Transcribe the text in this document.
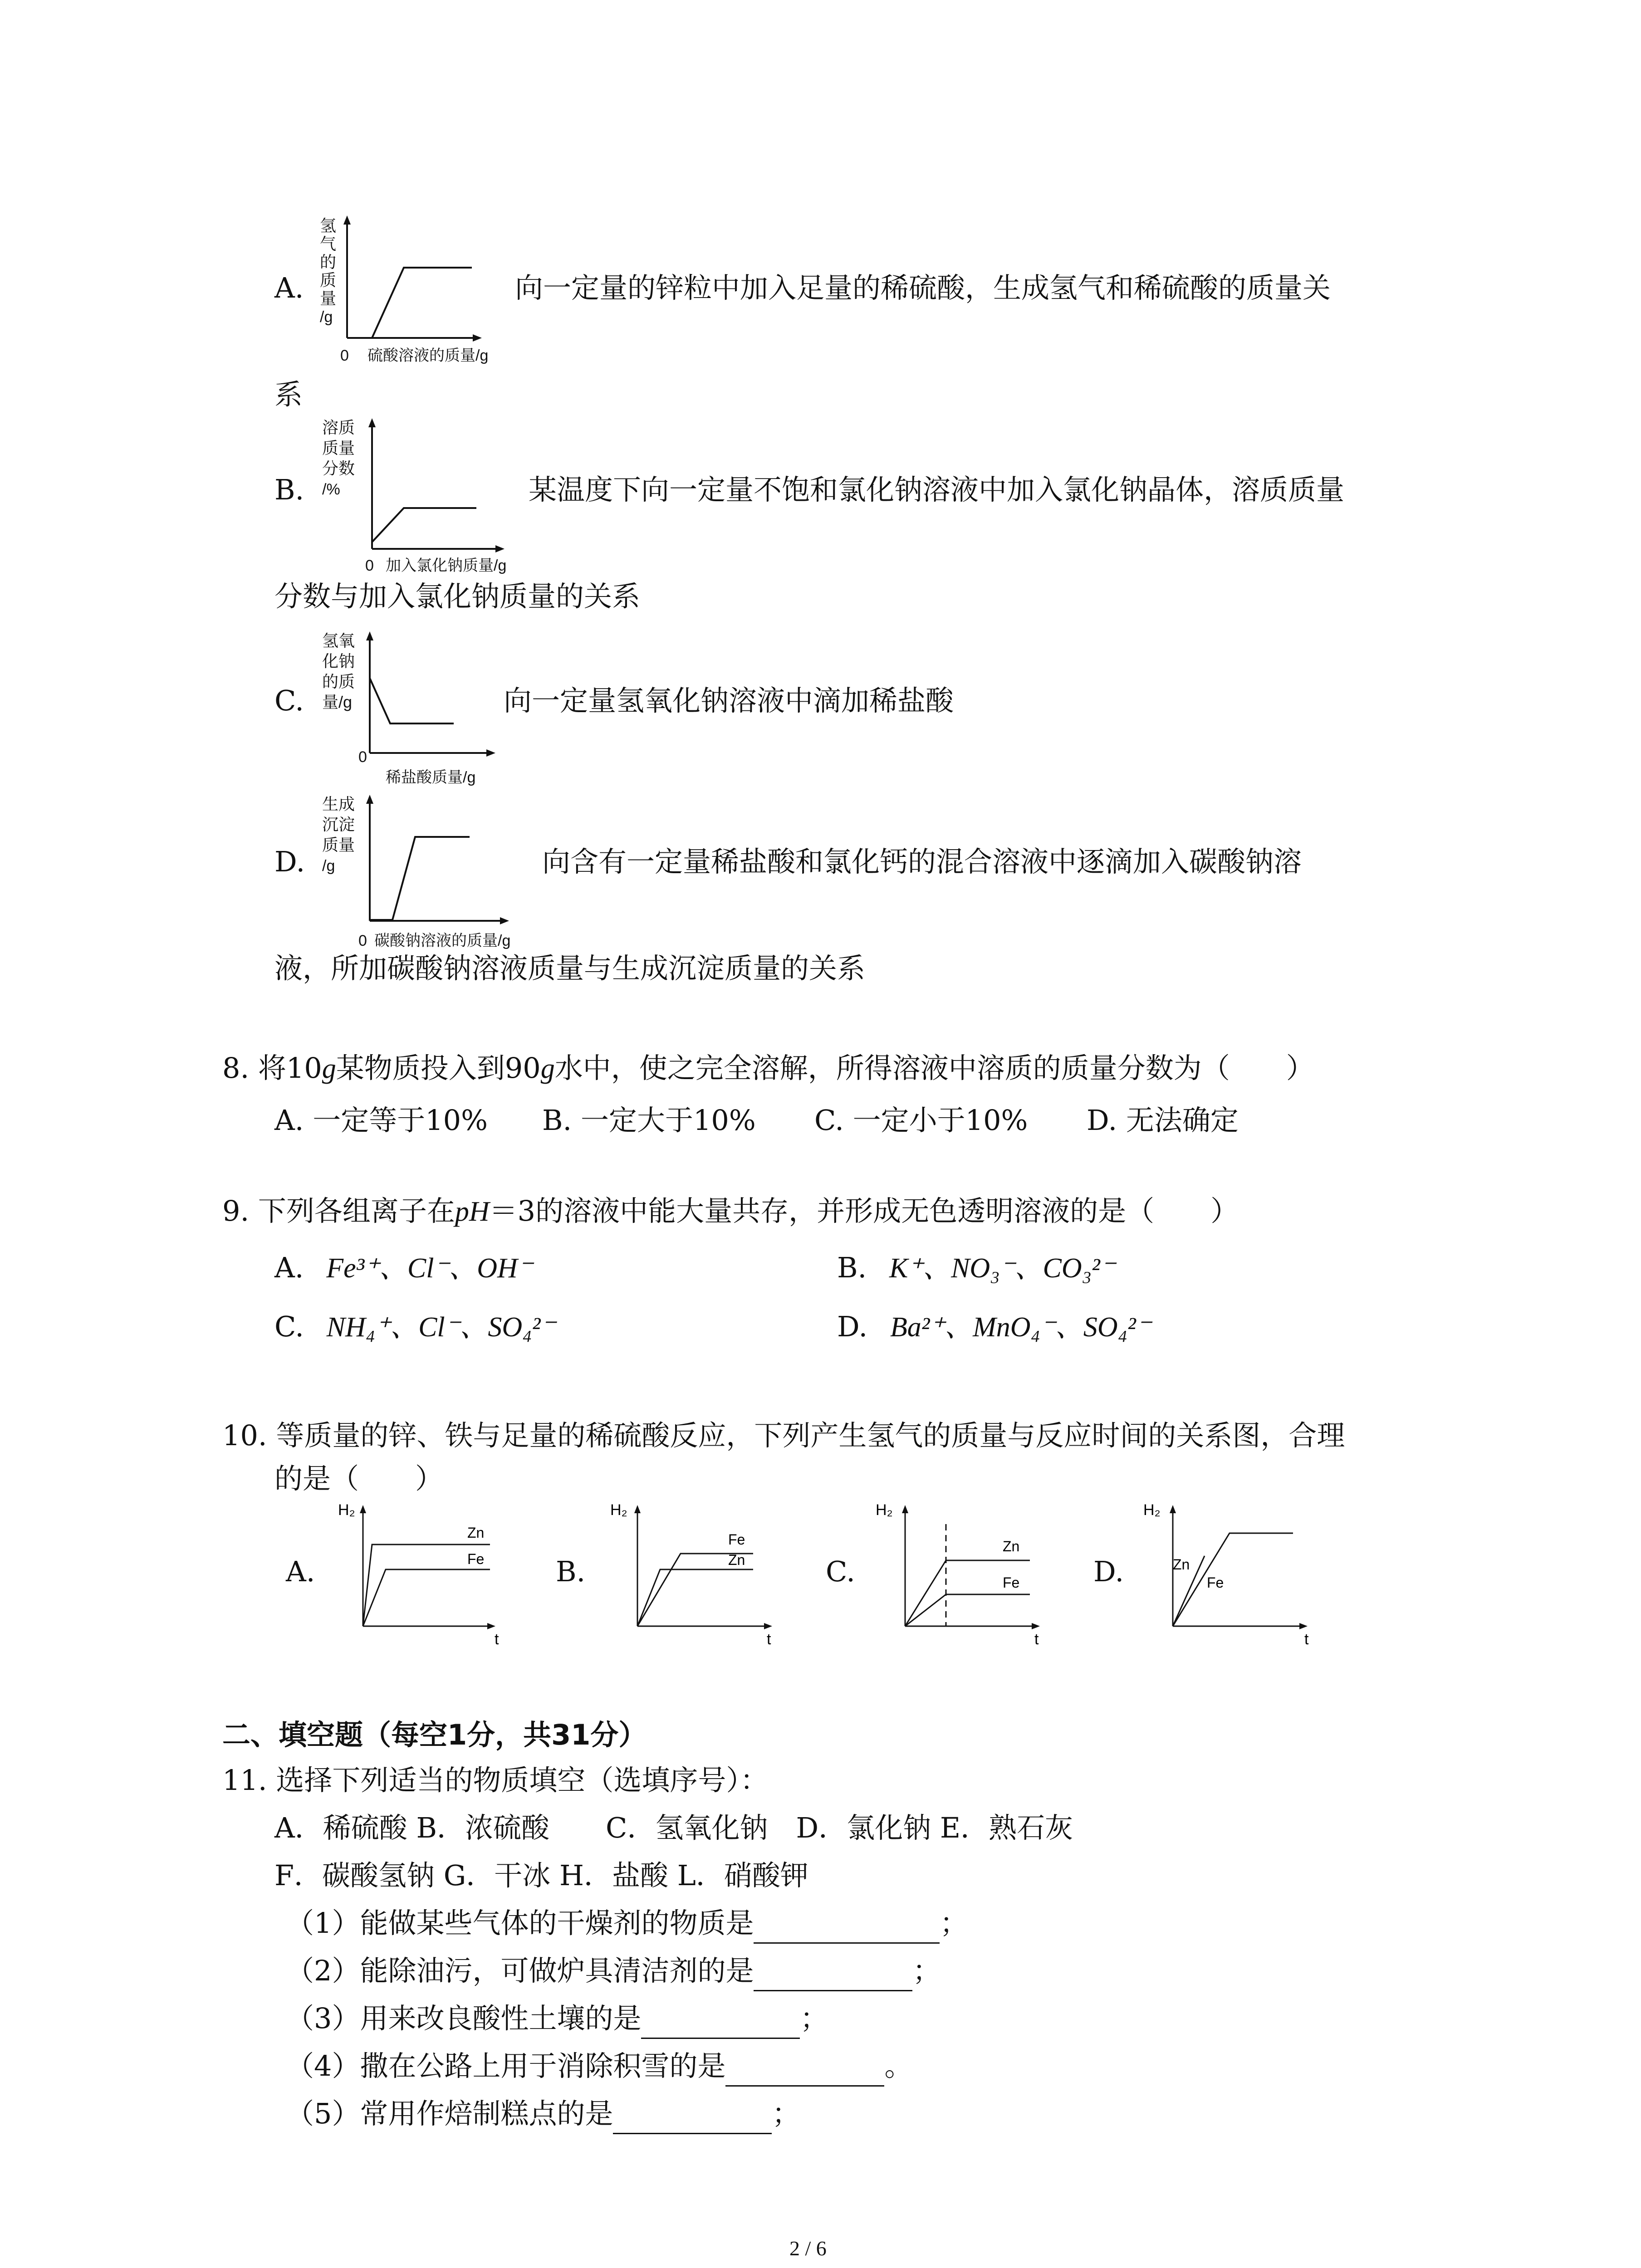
氢
气
的
质
量
/g
0 硫酸溶液的质量/g
A.	向一定量的锌粒中加入足量的稀硫酸，生成氢气和稀硫酸的质量关
系
溶质
质量
分数
/%
0 加入氯化钠质量/g
B.	某温度下向一定量不饱和氯化钠溶液中加入氯化钠晶体，溶质质量
分数与加入氯化钠质量的关系
氢氧
化钠
的质
量/g
0
稀盐酸质量/g
C.	向一定量氢氧化钠溶液中滴加稀盐酸
生成
沉淀
质量
/g
0 碳酸钠溶液的质量/g
D.	向含有一定量稀盐酸和氯化钙的混合溶液中逐滴加入碳酸钠溶
液，所加碳酸钠溶液质量与生成沉淀质量的关系
8. 将10g某物质投入到90g水中，使之完全溶解，所得溶液中溶质的质量分数为（　　）
A. 一定等于10% B. 一定大于10% C. 一定小于10% D. 无法确定
9. 下列各组离子在pH＝3的溶液中能大量共存，并形成无色透明溶液的是（　　）
A. Fe³⁺、Cl⁻、OH⁻	B. K⁺、NO₃⁻、CO₃²⁻
C. NH₄⁺、Cl⁻、SO₄²⁻	D. Ba²⁺、MnO₄⁻、SO₄²⁻
10. 等质量的锌、铁与足量的稀硫酸反应，下列产生氢气的质量与反应时间的关系图，合理
的是（　　）
A.
H₂
t
Zn
Fe	B.
H₂
t
Fe
Zn	C.
H₂
t
Zn
Fe	D.
H₂
t
Zn
Fe
二、填空题（每空1分，共31分）
11. 选择下列适当的物质填空（选填序号）：
A．稀硫酸 B．浓硫酸　　C．氢氧化钠　D．氯化钠 E．熟石灰
F．碳酸氢钠 G．干冰 H．盐酸 L．硝酸钾
（1）能做某些气体的干燥剂的物质是	；
（2）能除油污，可做炉具清洁剂的是	；
（3）用来改良酸性土壤的是	；
（4）撒在公路上用于消除积雪的是	。
（5）常用作焙制糕点的是	；
2 / 6
